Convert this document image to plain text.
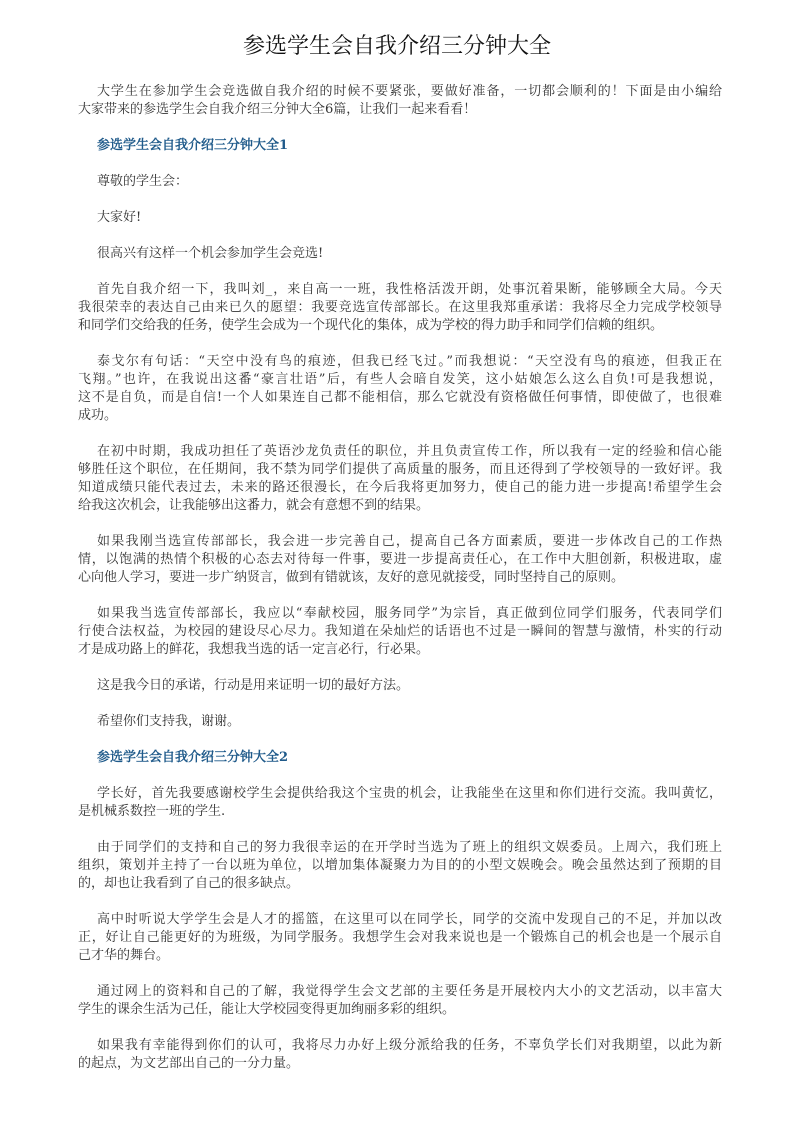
参选学生会自我介绍三分钟大全
大学生在参加学生会竞选做自我介绍的时候不要紧张，要做好准备，一切都会顺利的！下面是由小编给
大家带来的参选学生会自我介绍三分钟大全6篇，让我们一起来看看！
参选学生会自我介绍三分钟大全1
尊敬的学生会：
大家好!
很高兴有这样一个机会参加学生会竞选!
首先自我介绍一下，我叫刘_，来自高一一班，我性格活泼开朗，处事沉着果断，能够顾全大局。今天
我很荣幸的表达自己由来已久的愿望：我要竞选宣传部部长。在这里我郑重承诺：我将尽全力完成学校领导
和同学们交给我的任务，使学生会成为一个现代化的集体，成为学校的得力助手和同学们信赖的组织。
泰戈尔有句话：“天空中没有鸟的痕迹，但我已经飞过。”而我想说：“天空没有鸟的痕迹，但我正在
飞翔。”也许，在我说出这番“豪言壮语”后，有些人会暗自发笑，这小姑娘怎么这么自负!可是我想说，
这不是自负，而是自信!一个人如果连自己都不能相信，那么它就没有资格做任何事情，即使做了，也很难
成功。
在初中时期，我成功担任了英语沙龙负责任的职位，并且负责宣传工作，所以我有一定的经验和信心能
够胜任这个职位，在任期间，我不禁为同学们提供了高质量的服务，而且还得到了学校领导的一致好评。我
知道成绩只能代表过去，未来的路还很漫长，在今后我将更加努力，使自己的能力进一步提高!希望学生会
给我这次机会，让我能够出这番力，就会有意想不到的结果。
如果我刚当选宣传部部长，我会进一步完善自己，提高自己各方面素质，要进一步体改自己的工作热
情，以饱满的热情个积极的心态去对待每一件事，要进一步提高责任心，在工作中大胆创新，积极进取，虚
心向他人学习，要进一步广纳贤言，做到有错就该，友好的意见就接受，同时坚持自己的原则。
如果我当选宣传部部长，我应以“奉献校园，服务同学”为宗旨，真正做到位同学们服务，代表同学们
行使合法权益，为校园的建设尽心尽力。我知道在朵灿烂的话语也不过是一瞬间的智慧与激情，朴实的行动
才是成功路上的鲜花，我想我当选的话一定言必行，行必果。
这是我今日的承诺，行动是用来证明一切的最好方法。
希望你们支持我，谢谢。
参选学生会自我介绍三分钟大全2
学长好，首先我要感谢校学生会提供给我这个宝贵的机会，让我能坐在这里和你们进行交流。我叫黄忆，
是机械系数控一班的学生.
由于同学们的支持和自己的努力我很幸运的在开学时当选为了班上的组织文娱委员。上周六，我们班上
组织，策划并主持了一台以班为单位，以增加集体凝聚力为目的的小型文娱晚会。晚会虽然达到了预期的目
的，却也让我看到了自己的很多缺点。
高中时听说大学学生会是人才的摇篮，在这里可以在同学长，同学的交流中发现自己的不足，并加以改
正，好让自己能更好的为班级，为同学服务。我想学生会对我来说也是一个锻炼自己的机会也是一个展示自
己才华的舞台。
通过网上的资料和自己的了解，我觉得学生会文艺部的主要任务是开展校内大小的文艺活动，以丰富大
学生的课余生活为己任，能让大学校园变得更加绚丽多彩的组织。
如果我有幸能得到你们的认可，我将尽力办好上级分派给我的任务，不辜负学长们对我期望，以此为新
的起点，为文艺部出自己的一分力量。
